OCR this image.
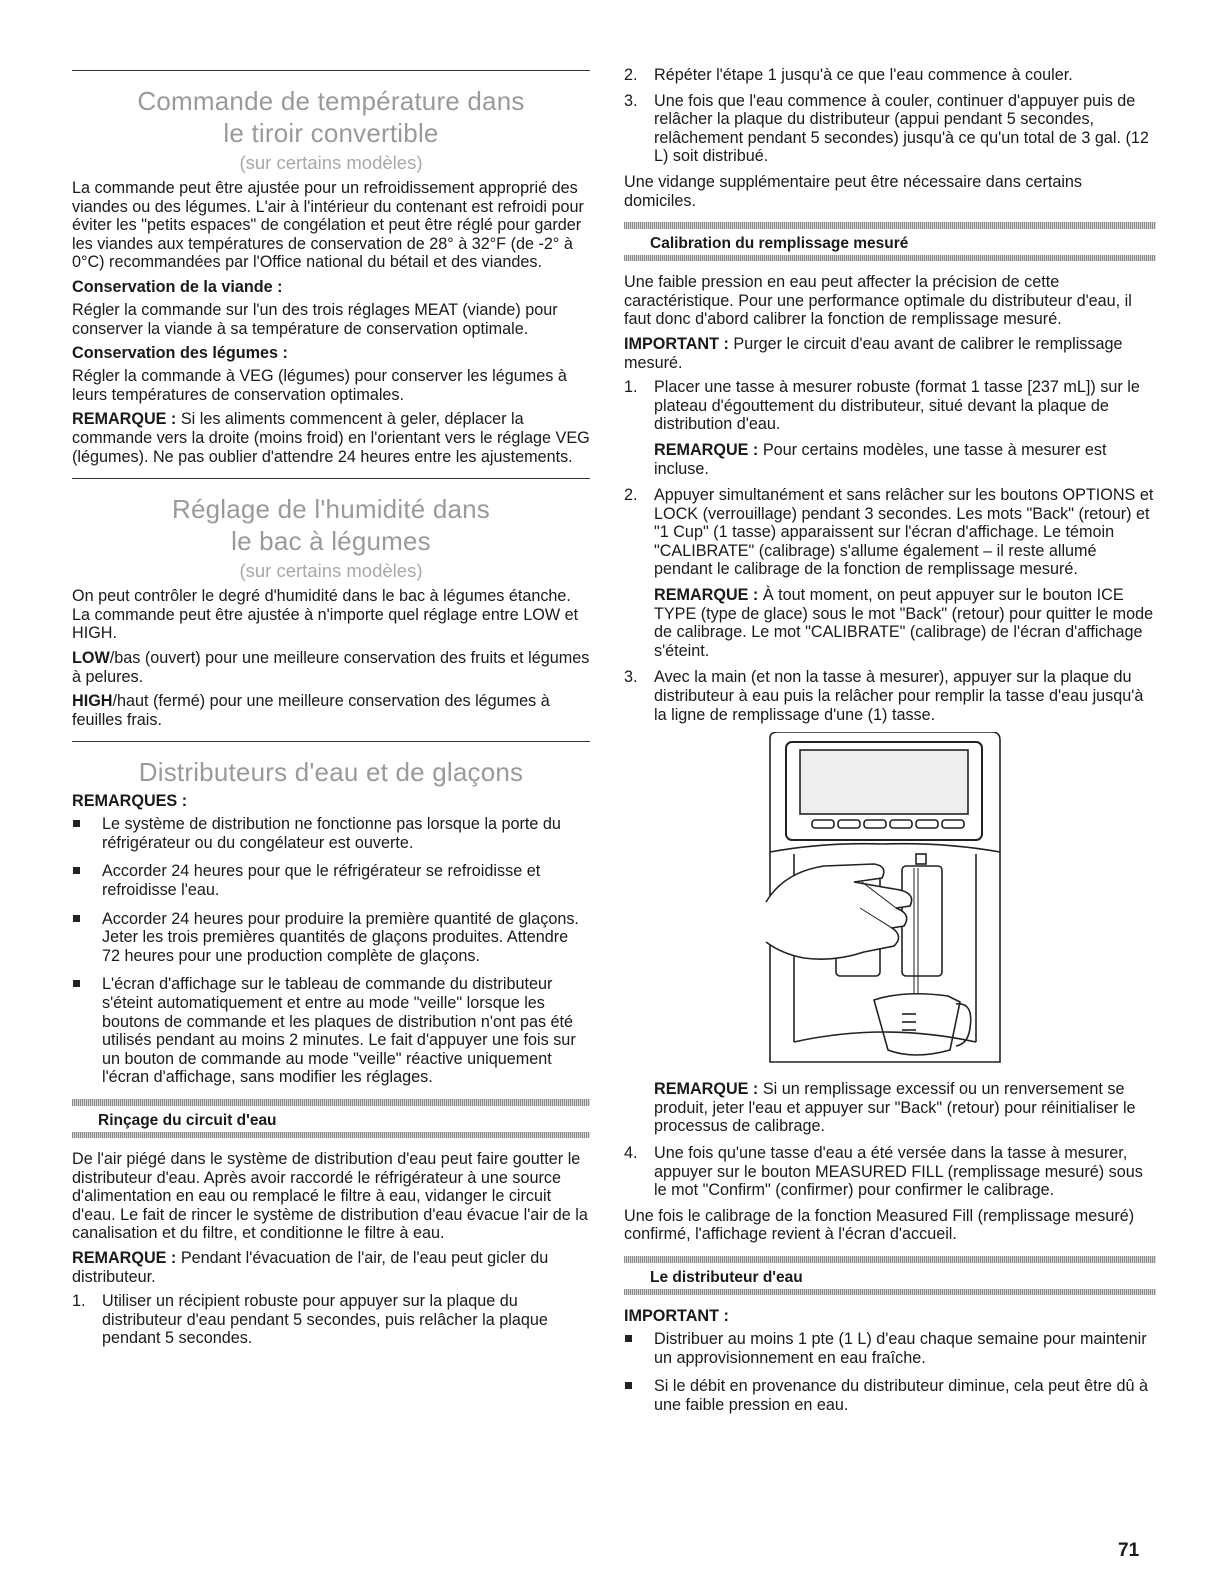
Commande de température dans
le tiroir convertible
(sur certains modèles)

La commande peut être ajustée pour un refroidissement approprié des viandes ou des légumes. L'air à l'intérieur du contenant est refroidi pour éviter les "petits espaces" de congélation et peut être réglé pour garder les viandes aux températures de conservation de 28° à 32°F (de -2° à 0°C) recommandées par l'Office national du bétail et des viandes.

Conservation de la viande :

Régler la commande sur l'un des trois réglages MEAT (viande) pour conserver la viande à sa température de conservation optimale.

Conservation des légumes :

Régler la commande à VEG (légumes) pour conserver les légumes à leurs températures de conservation optimales.

REMARQUE : Si les aliments commencent à geler, déplacer la commande vers la droite (moins froid) en l'orientant vers le réglage VEG (légumes). Ne pas oublier d'attendre 24 heures entre les ajustements.

Réglage de l'humidité dans
le bac à légumes
(sur certains modèles)

On peut contrôler le degré d'humidité dans le bac à légumes étanche. La commande peut être ajustée à n'importe quel réglage entre LOW et HIGH.

LOW/bas (ouvert) pour une meilleure conservation des fruits et légumes à pelures.

HIGH/haut (fermé) pour une meilleure conservation des légumes à feuilles frais.

Distributeurs d'eau et de glaçons
REMARQUES :
Le système de distribution ne fonctionne pas lorsque la porte du réfrigérateur ou du congélateur est ouverte.
Accorder 24 heures pour que le réfrigérateur se refroidisse et refroidisse l'eau.
Accorder 24 heures pour produire la première quantité de glaçons. Jeter les trois premières quantités de glaçons produites. Attendre 72 heures pour une production complète de glaçons.
L'écran d'affichage sur le tableau de commande du distributeur s'éteint automatiquement et entre au mode "veille" lorsque les boutons de commande et les plaques de distribution n'ont pas été utilisés pendant au moins 2 minutes. Le fait d'appuyer une fois sur un bouton de commande au mode "veille" réactive uniquement l'écran d'affichage, sans modifier les réglages.
Rinçage du circuit d'eau

De l'air piégé dans le système de distribution d'eau peut faire goutter le distributeur d'eau. Après avoir raccordé le réfrigérateur à une source d'alimentation en eau ou remplacé le filtre à eau, vidanger le circuit d'eau. Le fait de rincer le système de distribution d'eau évacue l'air de la canalisation et du filtre, et conditionne le filtre à eau.

REMARQUE : Pendant l'évacuation de l'air, de l'eau peut gicler du distributeur.

1. Utiliser un récipient robuste pour appuyer sur la plaque du distributeur d'eau pendant 5 secondes, puis relâcher la plaque pendant 5 secondes.
2. Répéter l'étape 1 jusqu'à ce que l'eau commence à couler.
3. Une fois que l'eau commence à couler, continuer d'appuyer puis de relâcher la plaque du distributeur (appui pendant 5 secondes, relâchement pendant 5 secondes) jusqu'à ce qu'un total de 3 gal. (12 L) soit distribué.

Une vidange supplémentaire peut être nécessaire dans certains domiciles.

Calibration du remplissage mesuré

Une faible pression en eau peut affecter la précision de cette caractéristique. Pour une performance optimale du distributeur d'eau, il faut donc d'abord calibrer la fonction de remplissage mesuré.

IMPORTANT : Purger le circuit d'eau avant de calibrer le remplissage mesuré.

1. Placer une tasse à mesurer robuste (format 1 tasse [237 mL]) sur le plateau d'égouttement du distributeur, situé devant la plaque de distribution d'eau.

REMARQUE : Pour certains modèles, une tasse à mesurer est incluse.

2. Appuyer simultanément et sans relâcher sur les boutons OPTIONS et LOCK (verrouillage) pendant 3 secondes. Les mots "Back" (retour) et "1 Cup" (1 tasse) apparaissent sur l'écran d'affichage. Le témoin "CALIBRATE" (calibrage) s'allume également – il reste allumé pendant le calibrage de la fonction de remplissage mesuré.

REMARQUE : À tout moment, on peut appuyer sur le bouton ICE TYPE (type de glace) sous le mot "Back" (retour) pour quitter le mode de calibrage. Le mot "CALIBRATE" (calibrage) de l'écran d'affichage s'éteint.

3. Avec la main (et non la tasse à mesurer), appuyer sur la plaque du distributeur à eau puis la relâcher pour remplir la tasse d'eau jusqu'à la ligne de remplissage d'une (1) tasse.

REMARQUE : Si un remplissage excessif ou un renversement se produit, jeter l'eau et appuyer sur "Back" (retour) pour réinitialiser le processus de calibrage.

4. Une fois qu'une tasse d'eau a été versée dans la tasse à mesurer, appuyer sur le bouton MEASURED FILL (remplissage mesuré) sous le mot "Confirm" (confirmer) pour confirmer le calibrage.

Une fois le calibrage de la fonction Measured Fill (remplissage mesuré) confirmé, l'affichage revient à l'écran d'accueil.

Le distributeur d'eau
IMPORTANT :
Distribuer au moins 1 pte (1 L) d'eau chaque semaine pour maintenir un approvisionnement en eau fraîche.
Si le débit en provenance du distributeur diminue, cela peut être dû à une faible pression en eau.
71
